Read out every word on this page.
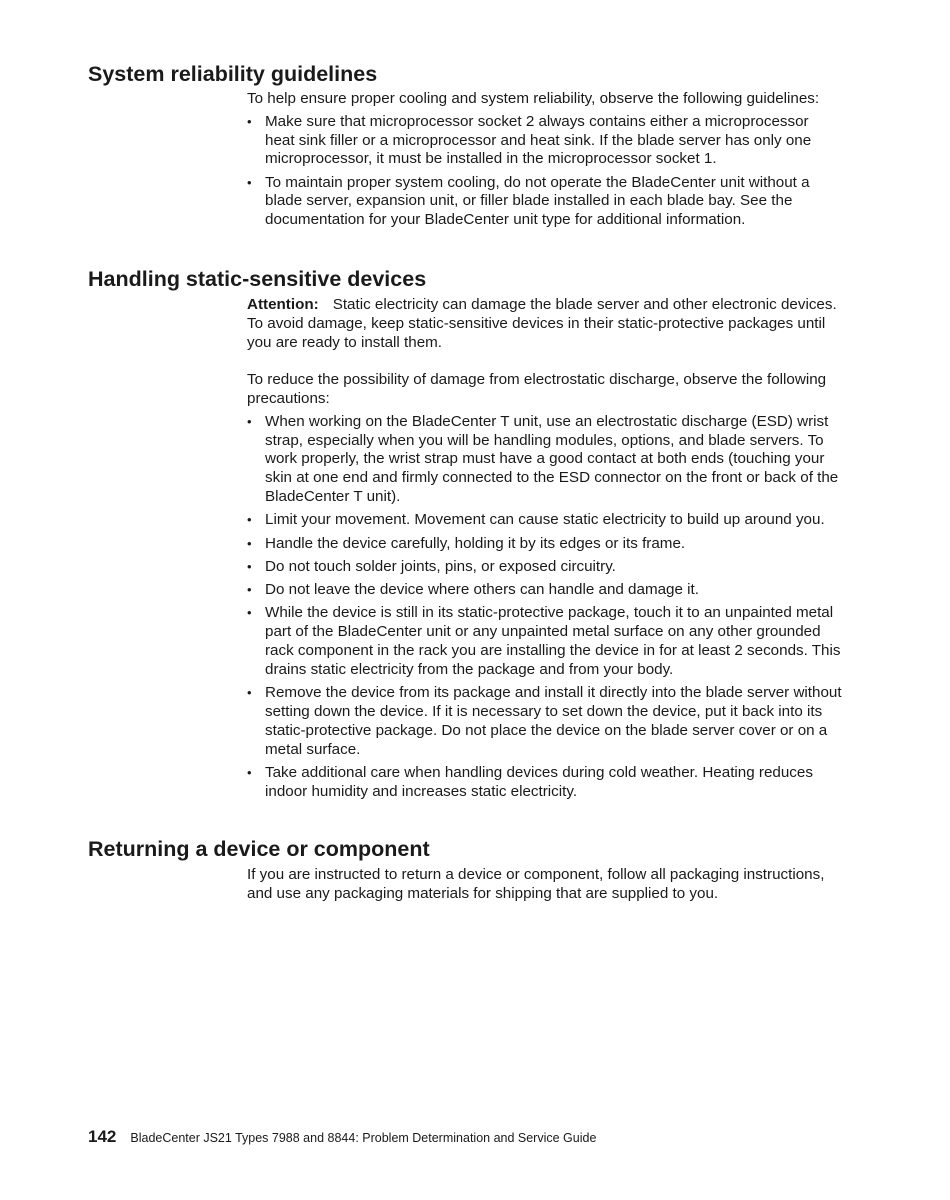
System reliability guidelines

To help ensure proper cooling and system reliability, observe the following guidelines:

• Make sure that microprocessor socket 2 always contains either a microprocessor heat sink filler or a microprocessor and heat sink. If the blade server has only one microprocessor, it must be installed in the microprocessor socket 1.
• To maintain proper system cooling, do not operate the BladeCenter unit without a blade server, expansion unit, or filler blade installed in each blade bay. See the documentation for your BladeCenter unit type for additional information.
Handling static-sensitive devices

Attention: Static electricity can damage the blade server and other electronic devices. To avoid damage, keep static-sensitive devices in their static-protective packages until you are ready to install them.

To reduce the possibility of damage from electrostatic discharge, observe the following precautions:

• When working on the BladeCenter T unit, use an electrostatic discharge (ESD) wrist strap, especially when you will be handling modules, options, and blade servers. To work properly, the wrist strap must have a good contact at both ends (touching your skin at one end and firmly connected to the ESD connector on the front or back of the BladeCenter T unit).
• Limit your movement. Movement can cause static electricity to build up around you.
• Handle the device carefully, holding it by its edges or its frame.
• Do not touch solder joints, pins, or exposed circuitry.
• Do not leave the device where others can handle and damage it.
• While the device is still in its static-protective package, touch it to an unpainted metal part of the BladeCenter unit or any unpainted metal surface on any other grounded rack component in the rack you are installing the device in for at least 2 seconds. This drains static electricity from the package and from your body.
• Remove the device from its package and install it directly into the blade server without setting down the device. If it is necessary to set down the device, put it back into its static-protective package. Do not place the device on the blade server cover or on a metal surface.
• Take additional care when handling devices during cold weather. Heating reduces indoor humidity and increases static electricity.
Returning a device or component

If you are instructed to return a device or component, follow all packaging instructions, and use any packaging materials for shipping that are supplied to you.

142 BladeCenter JS21 Types 7988 and 8844: Problem Determination and Service Guide
